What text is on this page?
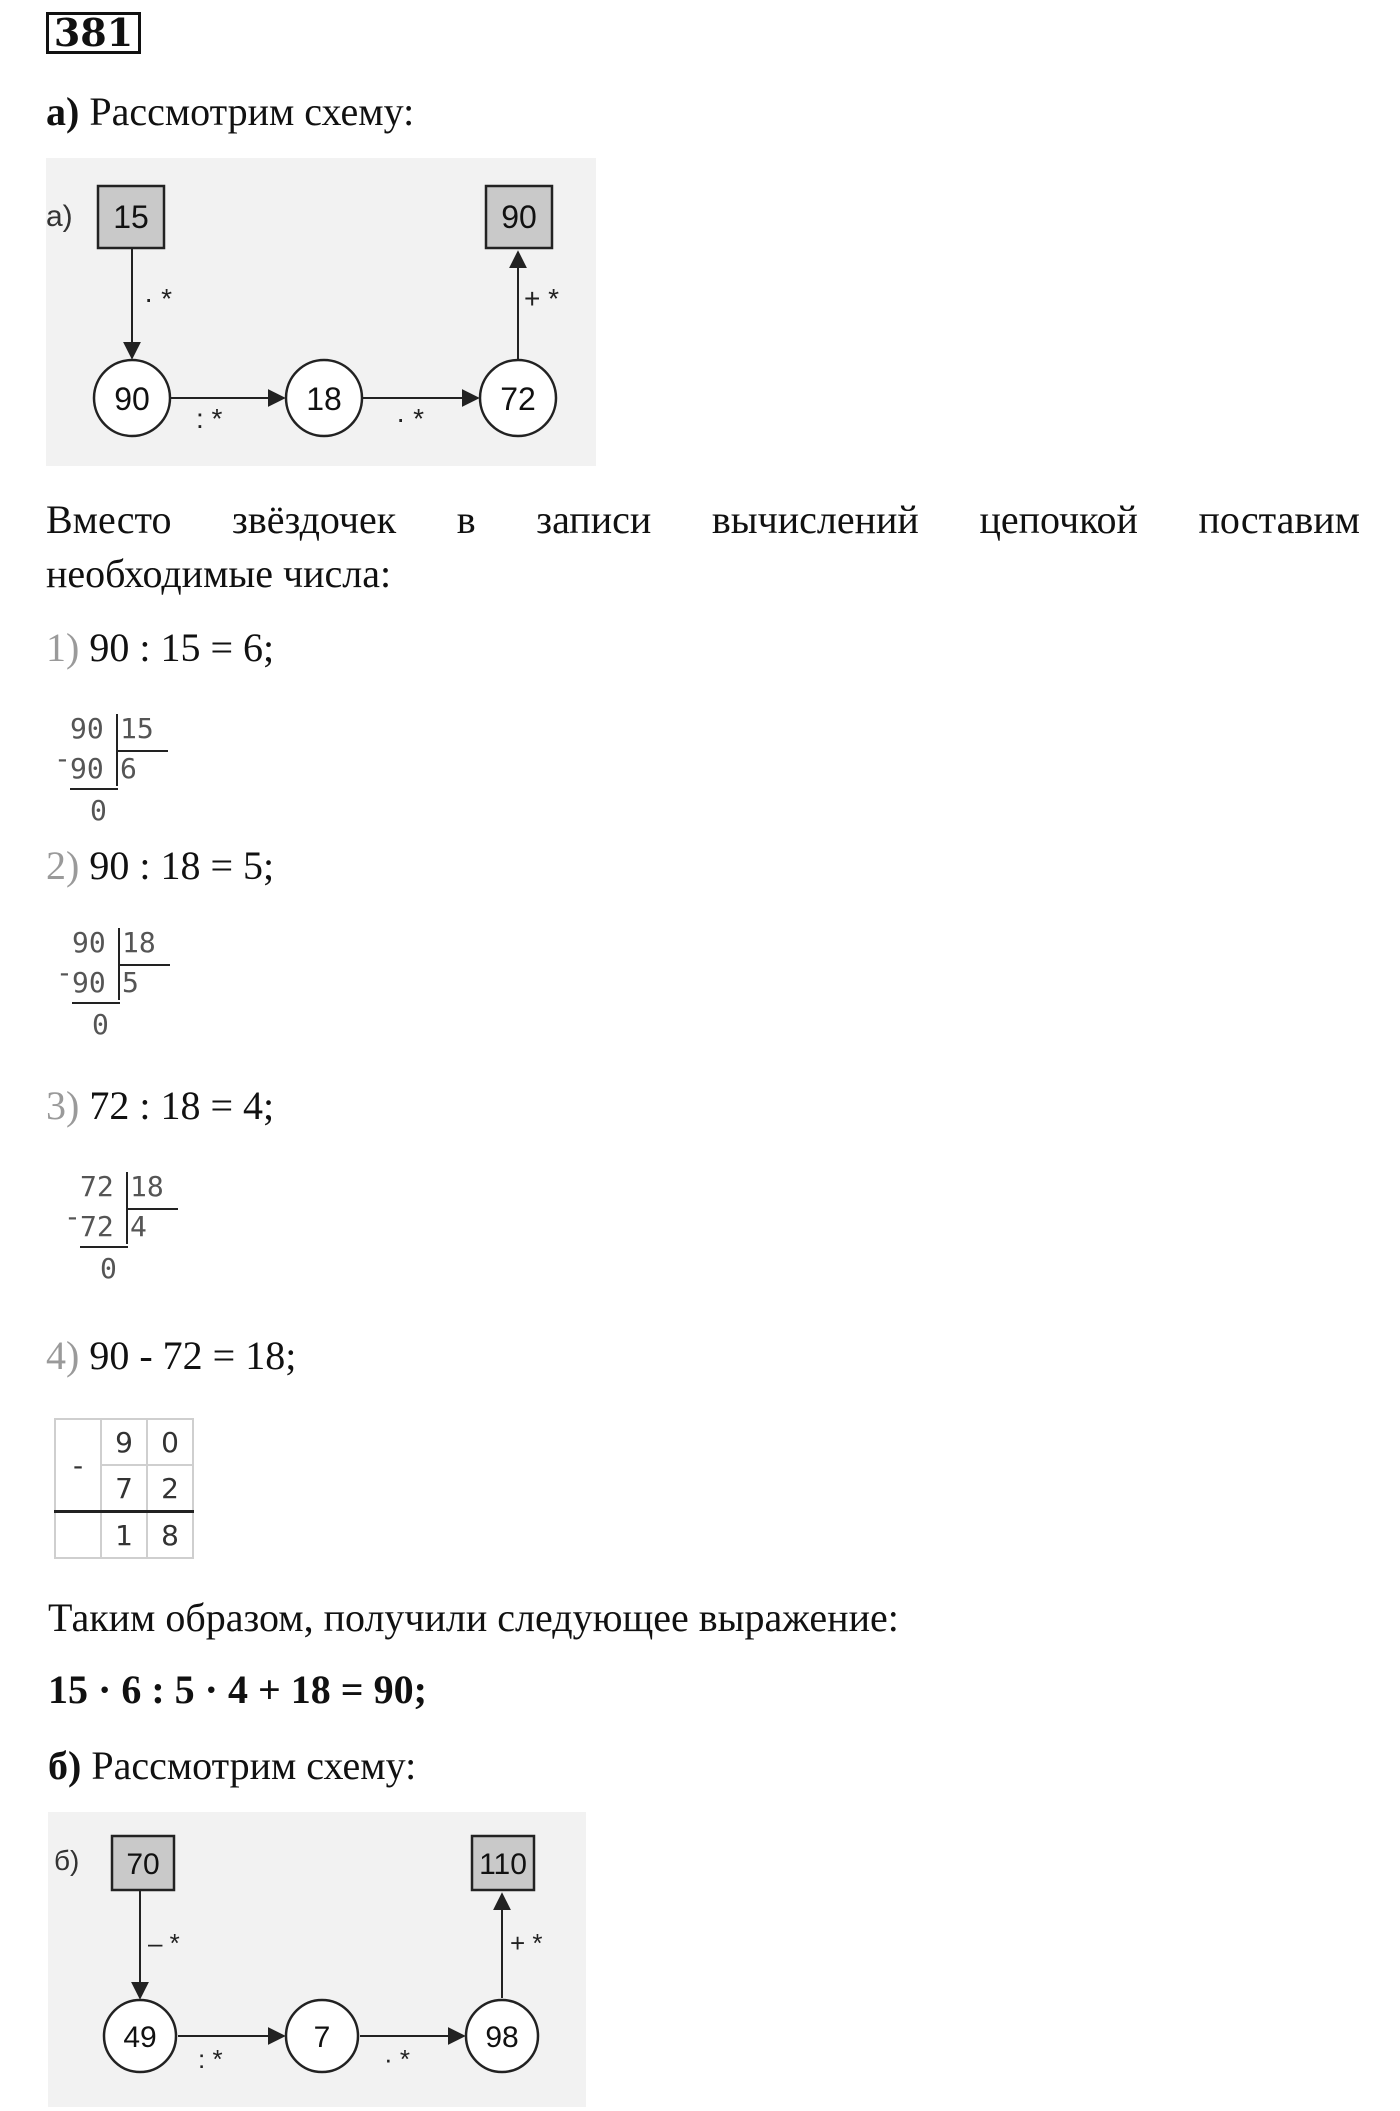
381
а) Рассмотрим схему:
а) 15	90
90	18	72
· *
: *	· *
+ *
Вместо звёздочек в записи вычислений цепочкой поставим
необходимые числа:
1) 90 : 15 = 6;
90 15
- 90 6
0
2) 90 : 18 = 5;
90 18
- 90 5
0
3) 72 : 18 = 4;
72 18
- 72 4
0
4) 90 - 72 = 18;
-	9	0
	7	2
	1	8
Таким образом, получили следующее выражение:
15 · 6 : 5 · 4 + 18 = 90;
б) Рассмотрим схему:
б) 70	110
49	7	98
– *
: *	· *
+ *
